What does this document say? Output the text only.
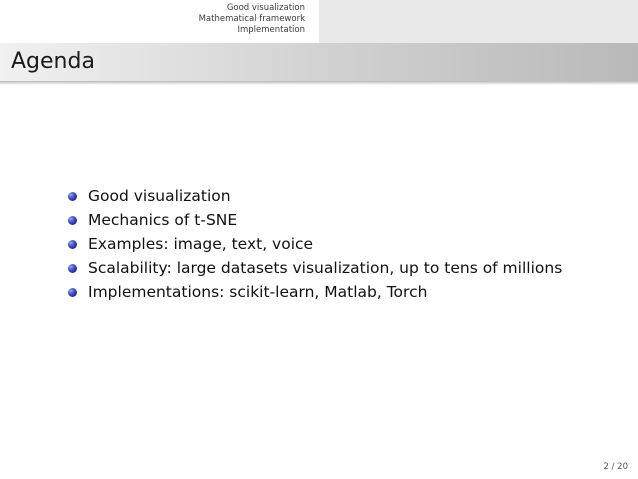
Good visualization
Mathematical framework
Implementation
Agenda
Good visualization
Mechanics of t-SNE
Examples: image, text, voice
Scalability: large datasets visualization, up to tens of millions
Implementations: scikit-learn, Matlab, Torch
2 / 20
